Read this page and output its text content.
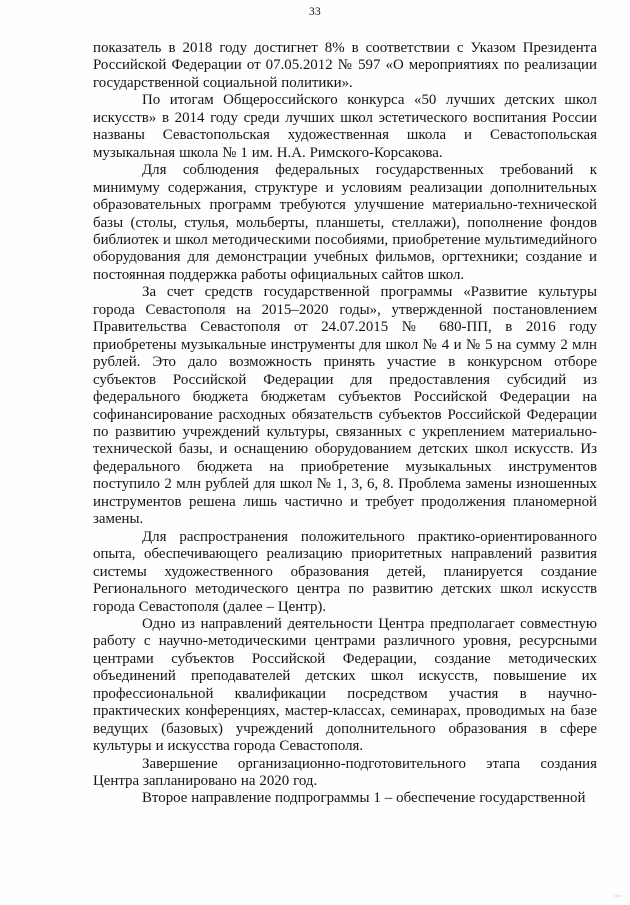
33

показатель в 2018 году достигнет 8% в соответствии с Указом Президента Российской Федерации от 07.05.2012 № 597 «О мероприятиях по реализации государственной социальной политики».

По итогам Общероссийского конкурса «50 лучших детских школ искусств» в 2014 году среди лучших школ эстетического воспитания России названы Севастопольская художественная школа и Севастопольская музыкальная школа № 1 им. Н.А. Римского-Корсакова.

Для соблюдения федеральных государственных требований к минимуму содержания, структуре и условиям реализации дополнительных образовательных программ требуются улучшение материально-технической базы (столы, стулья, мольберты, планшеты, стеллажи), пополнение фондов библиотек и школ методическими пособиями, приобретение мультимедийного оборудования для демонстрации учебных фильмов, оргтехники; создание и постоянная поддержка работы официальных сайтов школ.

За счет средств государственной программы «Развитие культуры города Севастополя на 2015–2020 годы», утвержденной постановлением Правительства Севастополя от 24.07.2015 № 680-ПП, в 2016 году приобретены музыкальные инструменты для школ № 4 и № 5 на сумму 2 млн рублей. Это дало возможность принять участие в конкурсном отборе субъектов Российской Федерации для предоставления субсидий из федерального бюджета бюджетам субъектов Российской Федерации на софинансирование расходных обязательств субъектов Российской Федерации по развитию учреждений культуры, связанных с укреплением материально-технической базы, и оснащению оборудованием детских школ искусств. Из федерального бюджета на приобретение музыкальных инструментов поступило 2 млн рублей для школ № 1, 3, 6, 8. Проблема замены изношенных инструментов решена лишь частично и требует продолжения планомерной замены.

Для распространения положительного практико-ориентированного опыта, обеспечивающего реализацию приоритетных направлений развития системы художественного образования детей, планируется создание Регионального методического центра по развитию детских школ искусств города Севастополя (далее – Центр).

Одно из направлений деятельности Центра предполагает совместную работу с научно-методическими центрами различного уровня, ресурсными центрами субъектов Российской Федерации, создание методических объединений преподавателей детских школ искусств, повышение их профессиональной квалификации посредством участия в научно-практических конференциях, мастер-классах, семинарах, проводимых на базе ведущих (базовых) учреждений дополнительного образования в сфере культуры и искусства города Севастополя.

Завершение организационно-подготовительного этапа создания Центра запланировано на 2020 год.

Второе направление подпрограммы 1 – обеспечение государственной
